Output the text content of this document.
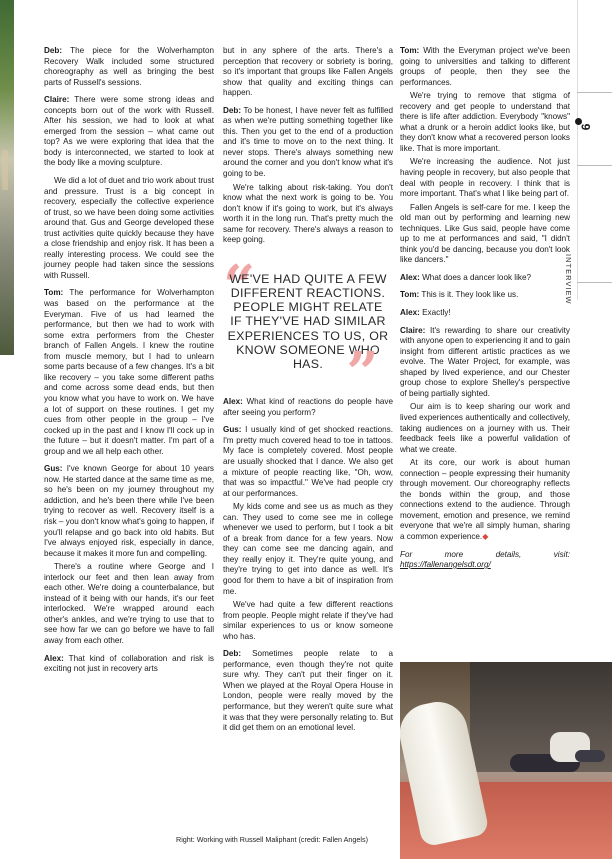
Deb: The piece for the Wolverhampton Recovery Walk included some structured choreography as well as bringing the best parts of Russell's sessions.

Claire: There were some strong ideas and concepts born out of the work with Russell. After his session, we had to look at what emerged from the session – what came out top? As we were exploring that idea that the body is interconnected, we started to look at the body like a moving sculpture.

We did a lot of duet and trio work about trust and pressure. Trust is a big concept in recovery, especially the collective experience of trust, so we have been doing some activities around that. Gus and George developed these trust activities quite quickly because they have a close friendship and enjoy risk. It has been a really interesting process. We could see the journey people had taken since the sessions with Russell.

Tom: The performance for Wolverhampton was based on the performance at the Everyman. Five of us had learned the performance, but then we had to work with some extra performers from the Chester branch of Fallen Angels. I knew the routine from muscle memory, but I had to unlearn some parts because of a few changes. It's a bit like recovery – you take some different paths and come across some dead ends, but then you know what you have to work on. We have a lot of support on these routines. I get my cues from other people in the group – I've cocked up in the past and I know I'll cock up in the future – but it doesn't matter. I'm part of a group and we all help each other.

Gus: I've known George for about 10 years now. He started dance at the same time as me, so he's been on my journey throughout my addiction, and he's been there while I've been trying to recover as well. Recovery itself is a risk – you don't know what's going to happen, if you'll relapse and go back into old habits. But I've always enjoyed risk, especially in dance, because it makes it more fun and compelling.

There's a routine where George and I interlock our feet and then lean away from each other. We're doing a counterbalance, but instead of it being with our hands, it's our feet interlocked. We're wrapped around each other's ankles, and we're trying to use that to see how far we can go before we have to fall away from each other.

Alex: That kind of collaboration and risk is exciting not just in recovery arts

but in any sphere of the arts. There's a perception that recovery or sobriety is boring, so it's important that groups like Fallen Angels show that quality and exciting things can happen.

Deb: To be honest, I have never felt as fulfilled as when we're putting something together like this. Then you get to the end of a production and it's time to move on to the next thing. It never stops. There's always something new around the corner and you don't know what it's going to be.

We're talking about risk-taking. You don't know what the next work is going to be. You don't know if it's going to work, but it's always worth it in the long run. That's pretty much the same for recovery. There's always a reason to keep going.

“
WE'VE HAD QUITE A FEW DIFFERENT REACTIONS. PEOPLE MIGHT RELATE IF THEY'VE HAD SIMILAR EXPERIENCES TO US, OR KNOW SOMEONE WHO HAS. ”

Alex: What kind of reactions do people have after seeing you perform?

Gus: I usually kind of get shocked reactions. I'm pretty much covered head to toe in tattoos. My face is completely covered. Most people are usually shocked that I dance. We also get a mixture of people reacting like, "Oh, wow, that was so impactful." We've had people cry at our performances.

My kids come and see us as much as they can. They used to come see me in college whenever we used to perform, but I took a bit of a break from dance for a few years. Now they can come see me dancing again, and they really enjoy it. They're quite young, and they're trying to get into dance as well. It's good for them to have a bit of inspiration from me.

We've had quite a few different reactions from people. People might relate if they've had similar experiences to us or know someone who has.

Deb: Sometimes people relate to a performance, even though they're not quite sure why. They can't put their finger on it. When we played at the Royal Opera House in London, people were really moved by the performance, but they weren't quite sure what it was that they were personally relating to. But it did get them on an emotional level.

Tom: With the Everyman project we've been going to universities and talking to different groups of people, then they see the performances.

We're trying to remove that stigma of recovery and get people to understand that there is life after addiction. Everybody "knows" what a drunk or a heroin addict looks like, but they don't know what a recovered person looks like. That is more important.

We're increasing the audience. Not just having people in recovery, but also people that deal with people in recovery. I think that is more important. That's what I like being part of.

Fallen Angels is self-care for me. I keep the old man out by performing and learning new techniques. Like Gus said, people have come up to me at performances and said, "I didn't think you'd be dancing, because you don't look like dancers."

Alex: What does a dancer look like?

Tom: This is it. They look like us.

Alex: Exactly!

Claire: It's rewarding to share our creativity with anyone open to experiencing it and to gain insight from different artistic practices as we evolve. The Water Project, for example, was shaped by lived experience, and our Chester group chose to explore Shelley's perspective of being partially sighted.

Our aim is to keep sharing our work and lived experiences authentically and collectively, taking audiences on a journey with us. Their feedback feels like a powerful validation of what we create.

At its core, our work is about human connection – people expressing their humanity through movement. Our choreography reflects the bonds within the group, and those connections extend to the audience. Through movement, emotion and presence, we remind everyone that we're all simply human, sharing a common experience.◆

For more details, visit: https://fallenangelsdt.org/

9
INTERVIEW
Right: Working with Russell Maliphant (credit: Fallen Angels)
